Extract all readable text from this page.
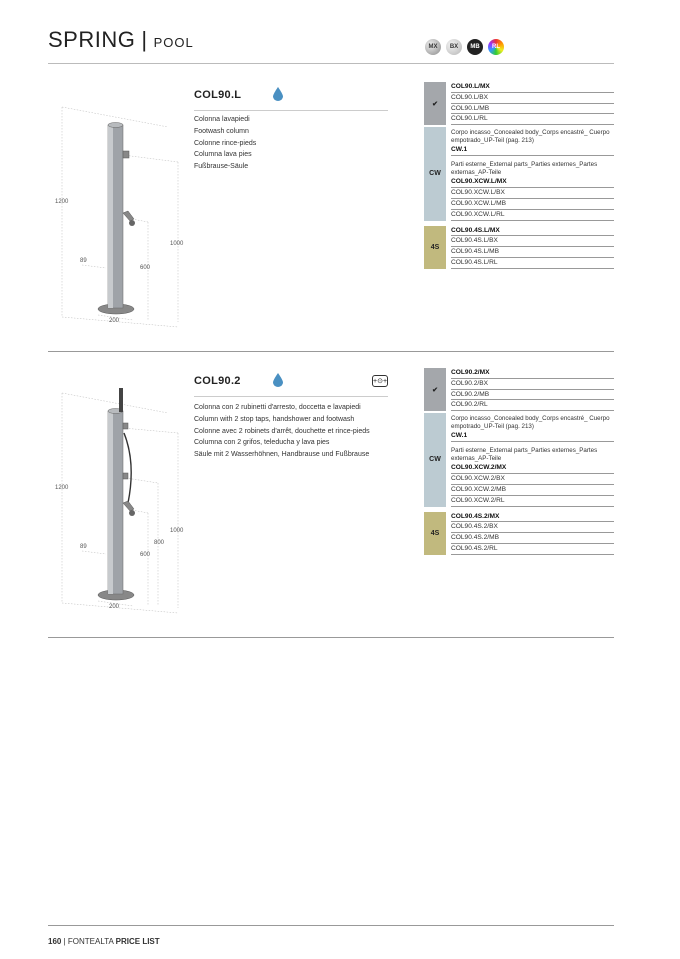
SPRING | POOL	MX	BX	MB	RL
1200
1000
600
89
200
COL90.L

Colonna lavapiedi

Footwash column

Colonne rince-pieds

Columna lava pies

Fußbrause-Säule

✔
COL90.L/MX
COL90.L/BX
COL90.L/MB
COL90.L/RL
CW
Corpo incasso_Concealed body_Corps encastré_ Cuerpo empotrado_UP-Teil (pag. 213)
CW.1
Parti esterne_External parts_Parties externes_Partes externas_AP-Teile
COL90.XCW.L/MX
COL90.XCW.L/BX
COL90.XCW.L/MB
COL90.XCW.L/RL
4S
COL90.4S.L/MX
COL90.4S.L/BX
COL90.4S.L/MB
COL90.4S.L/RL
1200
1000
800
600
89
200
COL90.2	+⊙+

Colonna con 2 rubinetti d'arresto, doccetta e lavapiedi

Column with 2 stop taps, handshower and footwash

Colonne avec 2 robinets d'arrêt, douchette et rince-pieds

Columna con 2 grifos, teleducha y lava pies

Säule mit 2 Wasserhöhnen, Handbrause und Fußbrause

✔
COL90.2/MX
COL90.2/BX
COL90.2/MB
COL90.2/RL
CW
Corpo incasso_Concealed body_Corps encastré_ Cuerpo empotrado_UP-Teil (pag. 213)
CW.1
Parti esterne_External parts_Parties externes_Partes externas_AP-Teile
COL90.XCW.2/MX
COL90.XCW.2/BX
COL90.XCW.2/MB
COL90.XCW.2/RL
4S
COL90.4S.2/MX
COL90.4S.2/BX
COL90.4S.2/MB
COL90.4S.2/RL
160 | FONTEALTA PRICE LIST
